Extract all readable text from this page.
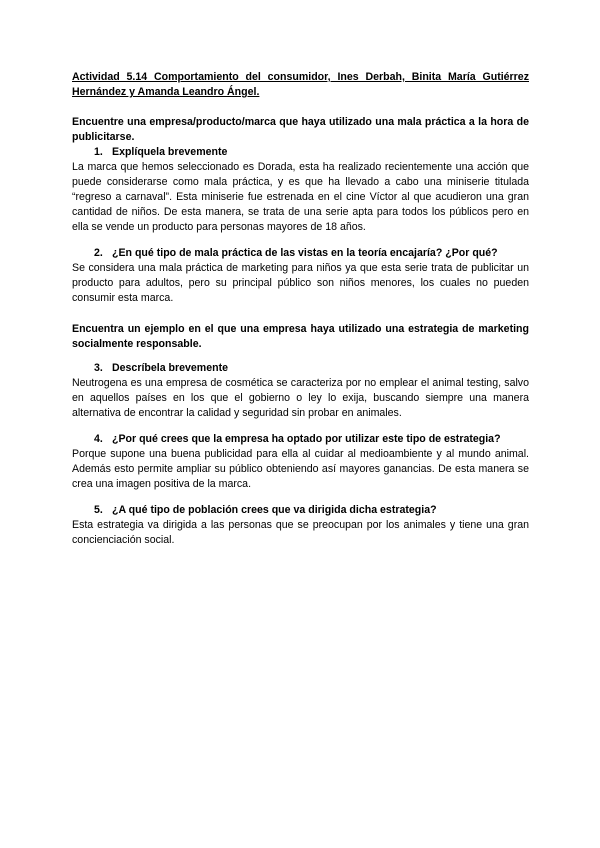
Actividad 5.14 Comportamiento del consumidor, Ines Derbah, Binita María Gutiérrez Hernández y Amanda Leandro Ángel.

Encuentre una empresa/producto/marca que haya utilizado una mala práctica a la hora de publicitarse.

1. Explíquela brevemente

La marca que hemos seleccionado es Dorada, esta ha realizado recientemente una acción que puede considerarse como mala práctica, y es que ha llevado a cabo una miniserie titulada “regreso a carnaval”. Esta miniserie fue estrenada en el cine Víctor al que acudieron una gran cantidad de niños. De esta manera, se trata de una serie apta para todos los públicos pero en ella se vende un producto para personas mayores de 18 años.

2. ¿En qué tipo de mala práctica de las vistas en la teoría encajaría? ¿Por qué?

Se considera una mala práctica de marketing para niños ya que esta serie trata de publicitar un producto para adultos, pero su principal público son niños menores, los cuales no pueden consumir esta marca.

Encuentra un ejemplo en el que una empresa haya utilizado una estrategia de marketing socialmente responsable.

3. Descríbela brevemente

Neutrogena es una empresa de cosmética se caracteriza por no emplear el animal testing, salvo en aquellos países en los que el gobierno o ley lo exija, buscando siempre una manera alternativa de encontrar la calidad y seguridad sin probar en animales.

4. ¿Por qué crees que la empresa ha optado por utilizar este tipo de estrategia?

Porque supone una buena publicidad para ella al cuidar al medioambiente y al mundo animal. Además esto permite ampliar su público obteniendo así mayores ganancias. De esta manera se crea una imagen positiva de la marca.

5. ¿A qué tipo de población crees que va dirigida dicha estrategia?

Esta estrategia va dirigida a las personas que se preocupan por los animales y tiene una gran concienciación social.
